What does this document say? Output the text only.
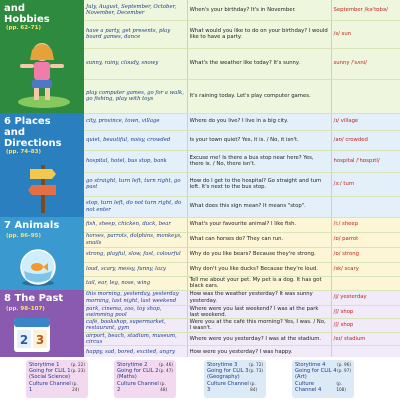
and
Hobbies
(pp. 62–71)
6 Places
and
Directions
(pp. 74–83)
7 Animals
(pp. 86–95)
8 The Past
(pp. 98–107)
2 3
July, August, September, October, November, December	When's your birthday? It's in November.	September /kəˈtɒbə/
have a party, get presents, play board games, dance	What would you like to do on your birthday? I would like to have a party.	/s/ sun
sunny, rainy, cloudy, snowy	What's the weather like today? It's sunny.	sunny /ˈsʌni/
play computer games, go for a walk, go fishing, play with toys	It's raining today. Let's play computer games.	
city, province, town, village	Where do you live? I live in a big city.	/ɪ/ village
quiet, beautiful, noisy, crowded	Is your town quiet? Yes, it is. / No, it isn't.	/aʊ/ crowded
hospital, hotel, bus stop, bank	Excuse me! Is there a bus stop near here? Yes, there is. / No, there isn't.	hospital /ˈhɒspɪtl/
go straight, turn left, turn right, go past	How do I get to the hospital? Go straight and turn left. It's next to the bus stop.	/ɜː/ turn
stop, turn left, do not turn right, do not enter	What does this sign mean? It means "stop".	
fish, sheep, chicken, duck, bear	What's your favourite animal? I like fish.	/iː/ sheep
horses, parrots, dolphins, monkeys, snails	What can horses do? They can run.	/ɒ/ parrot
strong, playful, slow, fast, colourful	Why do you like bears? Because they're strong.	/ɒ/ strong
loud, scary, messy, funny, lazy	Why don't you like ducks? Because they're loud.	/sk/ scary
tail, ear, leg, nose, wing	Tell me about your pet. My pet is a dog. It has got black ears.	
this morning, yesterday, yesterday morning, last night, last weekend	How was the weather yesterday? It was sunny yesterday.	/j/ yesterday
park, cinema, zoo, toy shop, swimming pool	Where were you last weekend? I was at the park last weekend.	/ʃ/ shop
café, bookshop, supermarket, restaurant, gym	Were you at the café this morning? Yes, I was. / No, I wasn't.	/ʃ/ shop
airport, beach, stadium, museum, circus	Where were you yesterday? I was at the stadium.	/eɪ/ stadium
happy, sad, bored, excited, angry	How were you yesterday? I was happy.	
Storytime 1	(p. 22)
Going for CLIL 1 (p. 23)
(Social Science)
Culture Channel 1
(p. 24)
Storytime 2	(p. 46)
Going for CLIL 2 (p. 47)
(Maths)
Culture Channel 2
(p. 48)
Storytime 3	(p. 72)
Going for CLIL 3 (p. 73)
(Geography)
Culture Channel 3
(p. 84)
Storytime 4	(p. 96)
Going for CLIL 4 (p. 97)
(Art)
Culture Channel 4
(p. 108)
